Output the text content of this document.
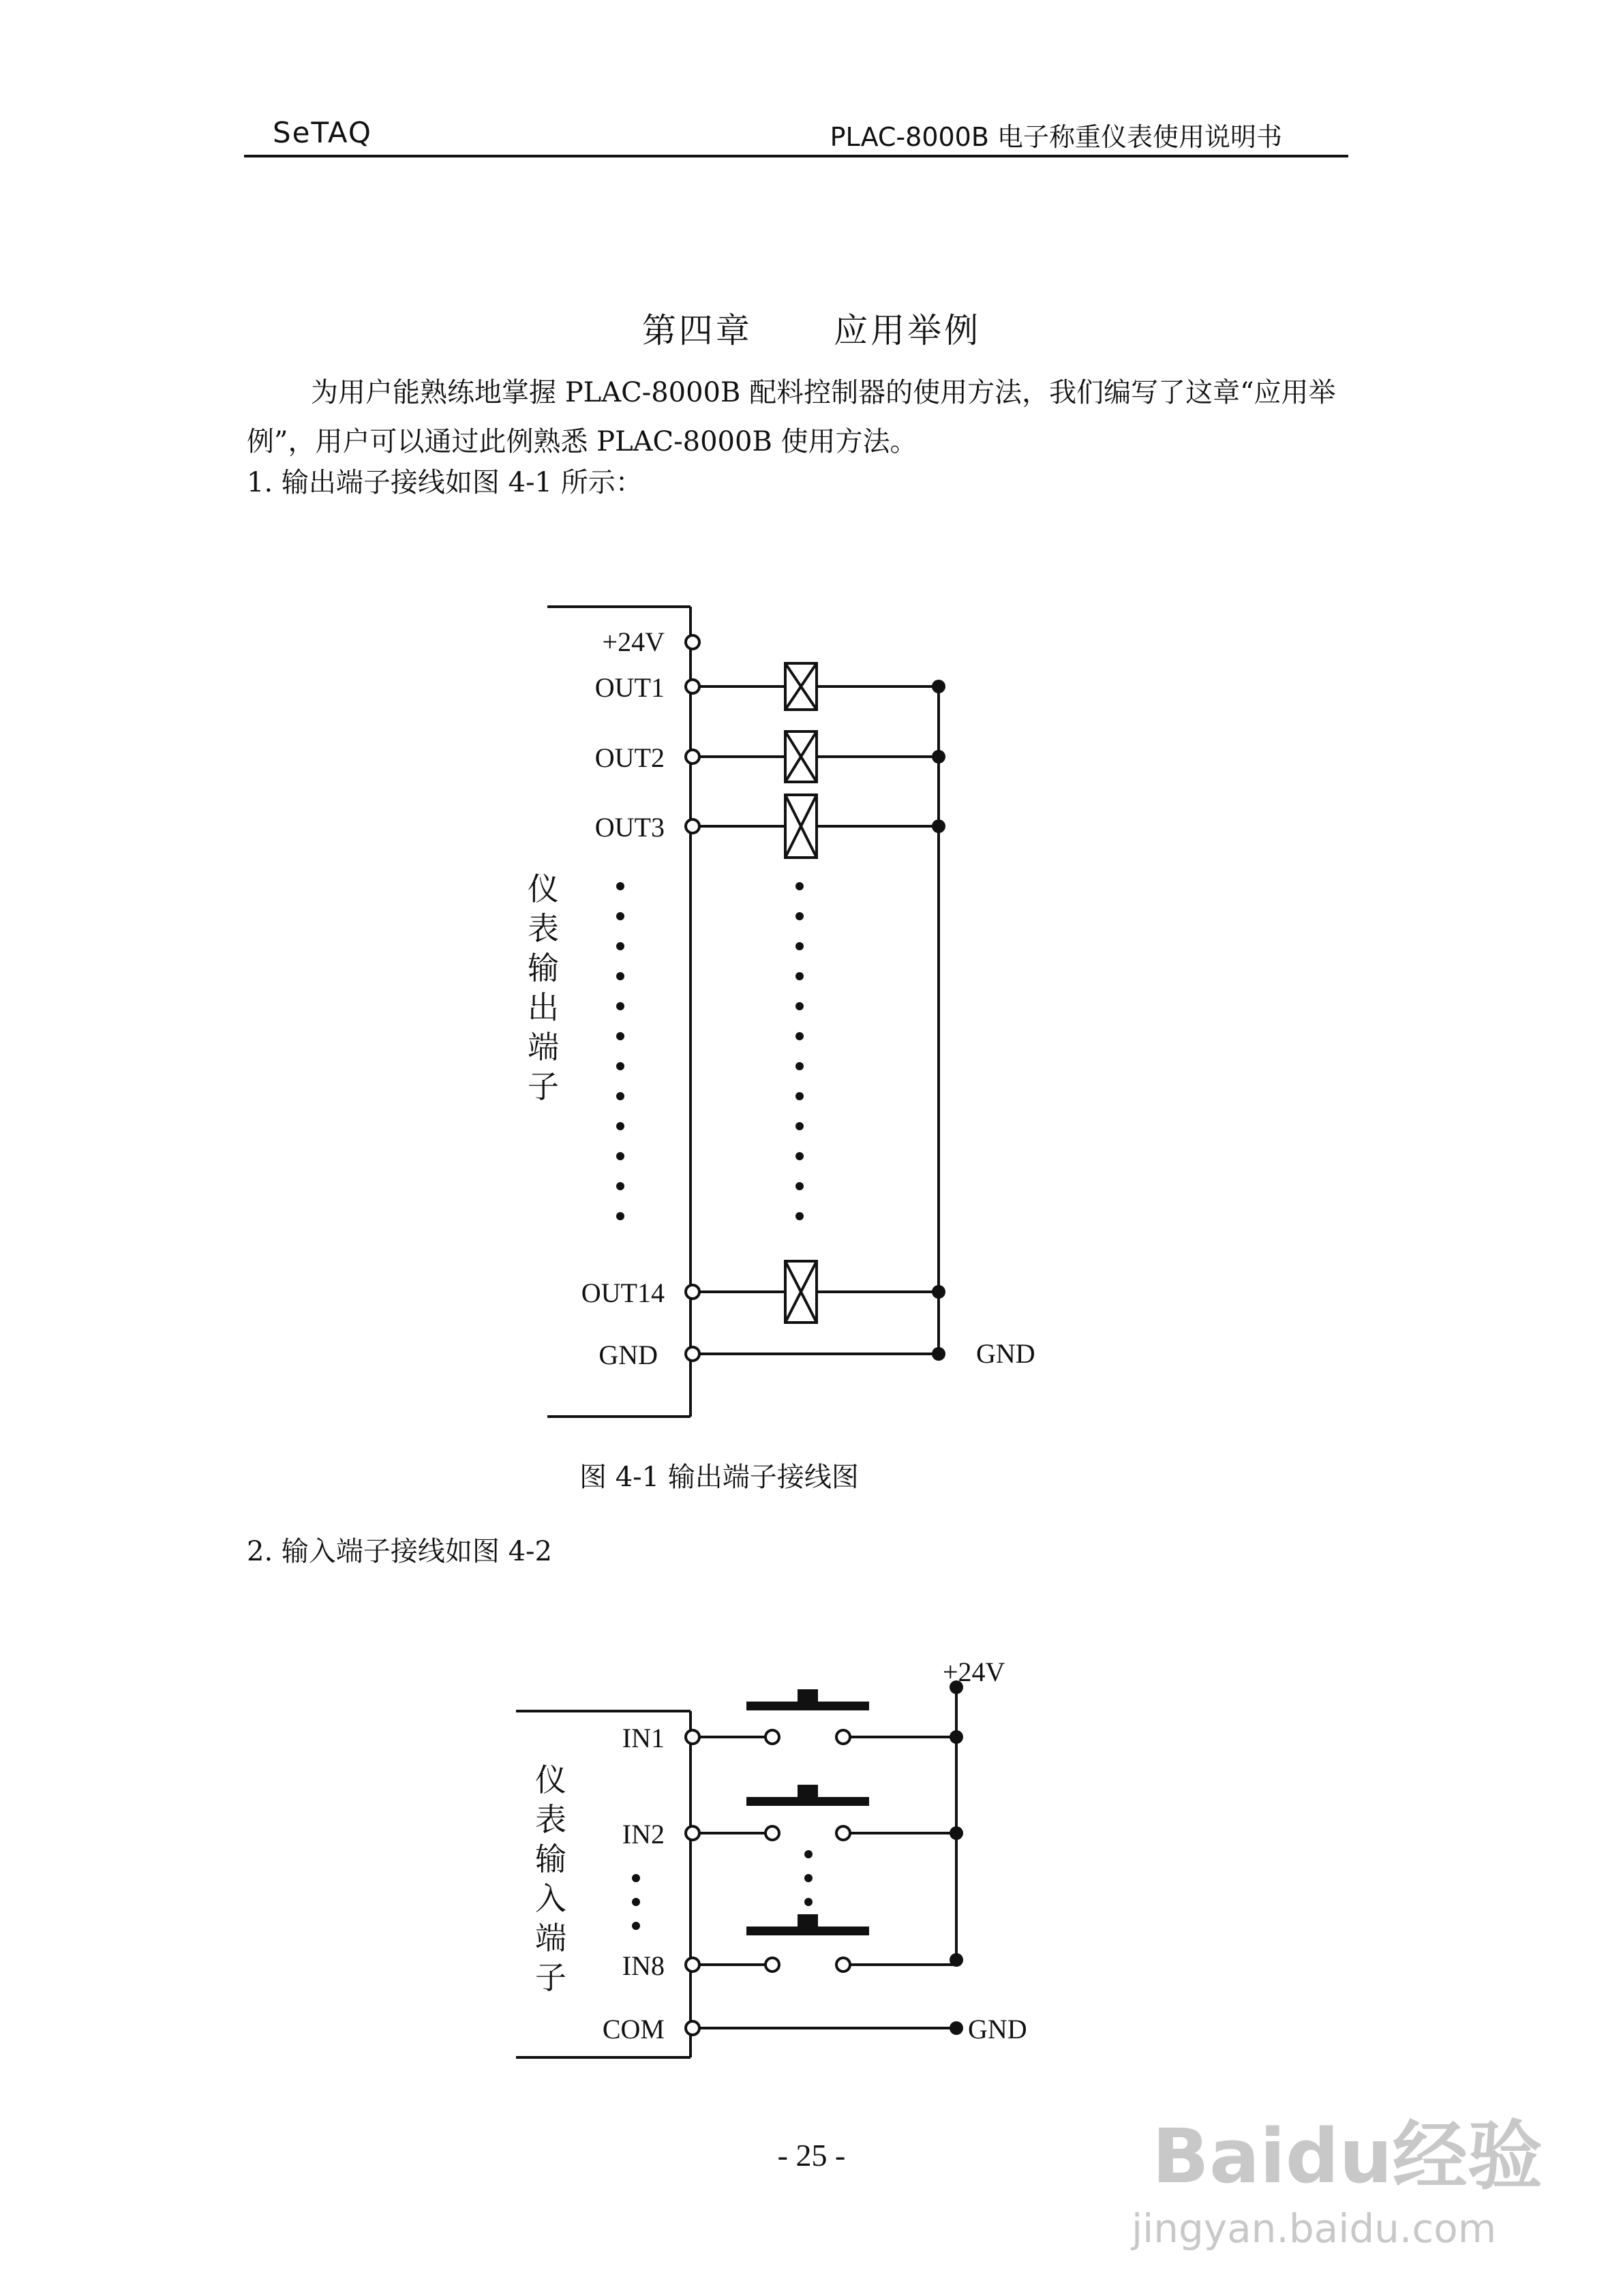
SeTAQ	PLAC-8000B 电子称重仪表使用说明书
第四章      应用举例

为用户能熟练地掌握 PLAC-8000B 配料控制器的使用方法，我们编写了这章“应用举例”，用户可以通过此例熟悉 PLAC-8000B 使用方法。

1. 输出端子接线如图 4-1 所示：
+24V
OUT1
OUT2
OUT3
OUT14
GND	GND
仪
表
输
出
端
子
图 4-1 输出端子接线图
2. 输入端子接线如图 4-2
IN1
IN2
IN8
COM
+24V
GND
仪
表
输
入
端
子
- 25 -	Baidu经验
jingyan.baidu.com
